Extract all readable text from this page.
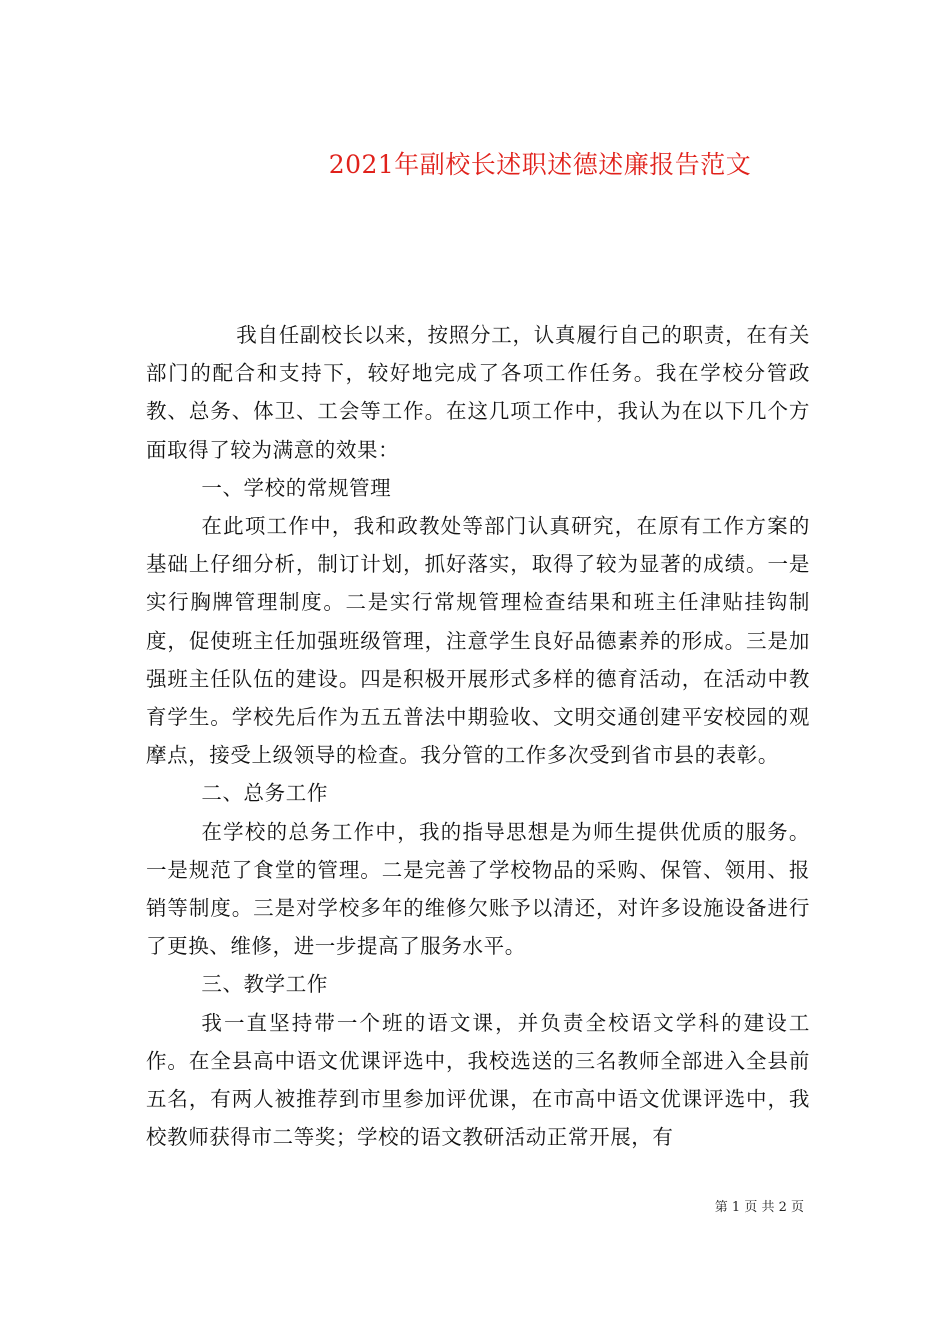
2021年副校长述职述德述廉报告范文

我自任副校长以来，按照分工，认真履行自己的职责，在有关部门的配合和支持下，较好地完成了各项工作任务。我在学校分管政教、总务、体卫、工会等工作。在这几项工作中，我认为在以下几个方面取得了较为满意的效果：

一、学校的常规管理

在此项工作中，我和政教处等部门认真研究，在原有工作方案的基础上仔细分析，制订计划，抓好落实，取得了较为显著的成绩。一是实行胸牌管理制度。二是实行常规管理检查结果和班主任津贴挂钩制度，促使班主任加强班级管理，注意学生良好品德素养的形成。三是加强班主任队伍的建设。四是积极开展形式多样的德育活动，在活动中教育学生。学校先后作为五五普法中期验收、文明交通创建平安校园的观摩点，接受上级领导的检查。我分管的工作多次受到省市县的表彰。

二、总务工作

在学校的总务工作中，我的指导思想是为师生提供优质的服务。一是规范了食堂的管理。二是完善了学校物品的采购、保管、领用、报销等制度。三是对学校多年的维修欠账予以清还，对许多设施设备进行了更换、维修，进一步提高了服务水平。

三、教学工作

我一直坚持带一个班的语文课，并负责全校语文学科的建设工作。在全县高中语文优课评选中，我校选送的三名教师全部进入全县前五名，有两人被推荐到市里参加评优课，在市高中语文优课评选中，我校教师获得市二等奖；学校的语文教研活动正常开展，有

第 1 页 共 2 页
